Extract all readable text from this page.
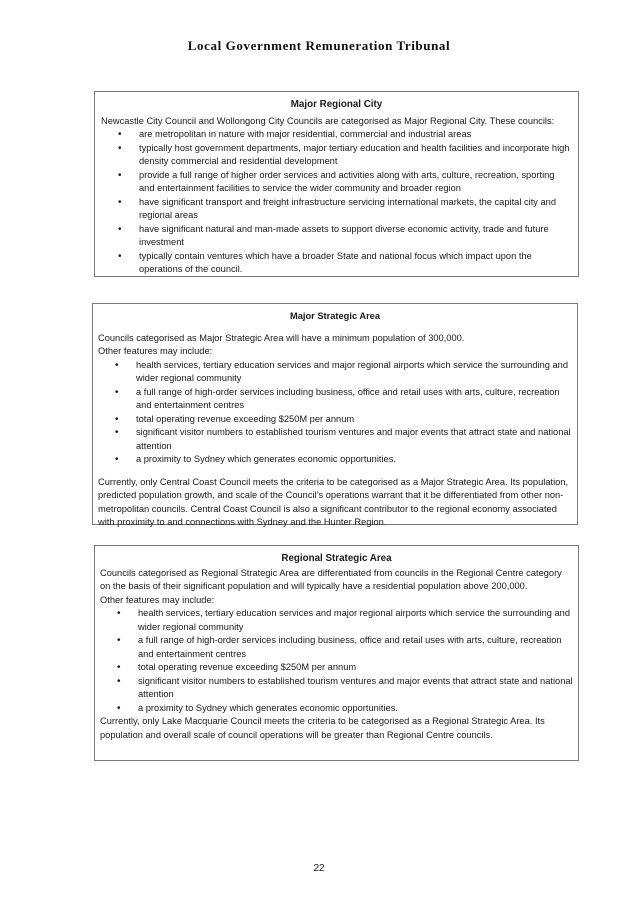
Local Government Remuneration Tribunal
Major Regional City

Newcastle City Council and Wollongong City Councils are categorised as Major Regional City. These councils:

• are metropolitan in nature with major residential, commercial and industrial areas
• typically host government departments, major tertiary education and health facilities and incorporate high density commercial and residential development
• provide a full range of higher order services and activities along with arts, culture, recreation, sporting and entertainment facilities to service the wider community and broader region
• have significant transport and freight infrastructure servicing international markets, the capital city and regional areas
• have significant natural and man-made assets to support diverse economic activity, trade and future investment
• typically contain ventures which have a broader State and national focus which impact upon the operations of the council.
Major Strategic Area

Councils categorised as Major Strategic Area will have a minimum population of 300,000.

Other features may include:

• health services, tertiary education services and major regional airports which service the surrounding and wider regional community
• a full range of high-order services including business, office and retail uses with arts, culture, recreation and entertainment centres
• total operating revenue exceeding $250M per annum
• significant visitor numbers to established tourism ventures and major events that attract state and national attention
• a proximity to Sydney which generates economic opportunities.

Currently, only Central Coast Council meets the criteria to be categorised as a Major Strategic Area. Its population, predicted population growth, and scale of the Council’s operations warrant that it be differentiated from other non-metropolitan councils. Central Coast Council is also a significant contributor to the regional economy associated with proximity to and connections with Sydney and the Hunter Region.

Regional Strategic Area

Councils categorised as Regional Strategic Area are differentiated from councils in the Regional Centre category on the basis of their significant population and will typically have a residential population above 200,000.

Other features may include:

• health services, tertiary education services and major regional airports which service the surrounding and wider regional community
• a full range of high-order services including business, office and retail uses with arts, culture, recreation and entertainment centres
• total operating revenue exceeding $250M per annum
• significant visitor numbers to established tourism ventures and major events that attract state and national attention
• a proximity to Sydney which generates economic opportunities.

Currently, only Lake Macquarie Council meets the criteria to be categorised as a Regional Strategic Area. Its population and overall scale of council operations will be greater than Regional Centre councils.

22
